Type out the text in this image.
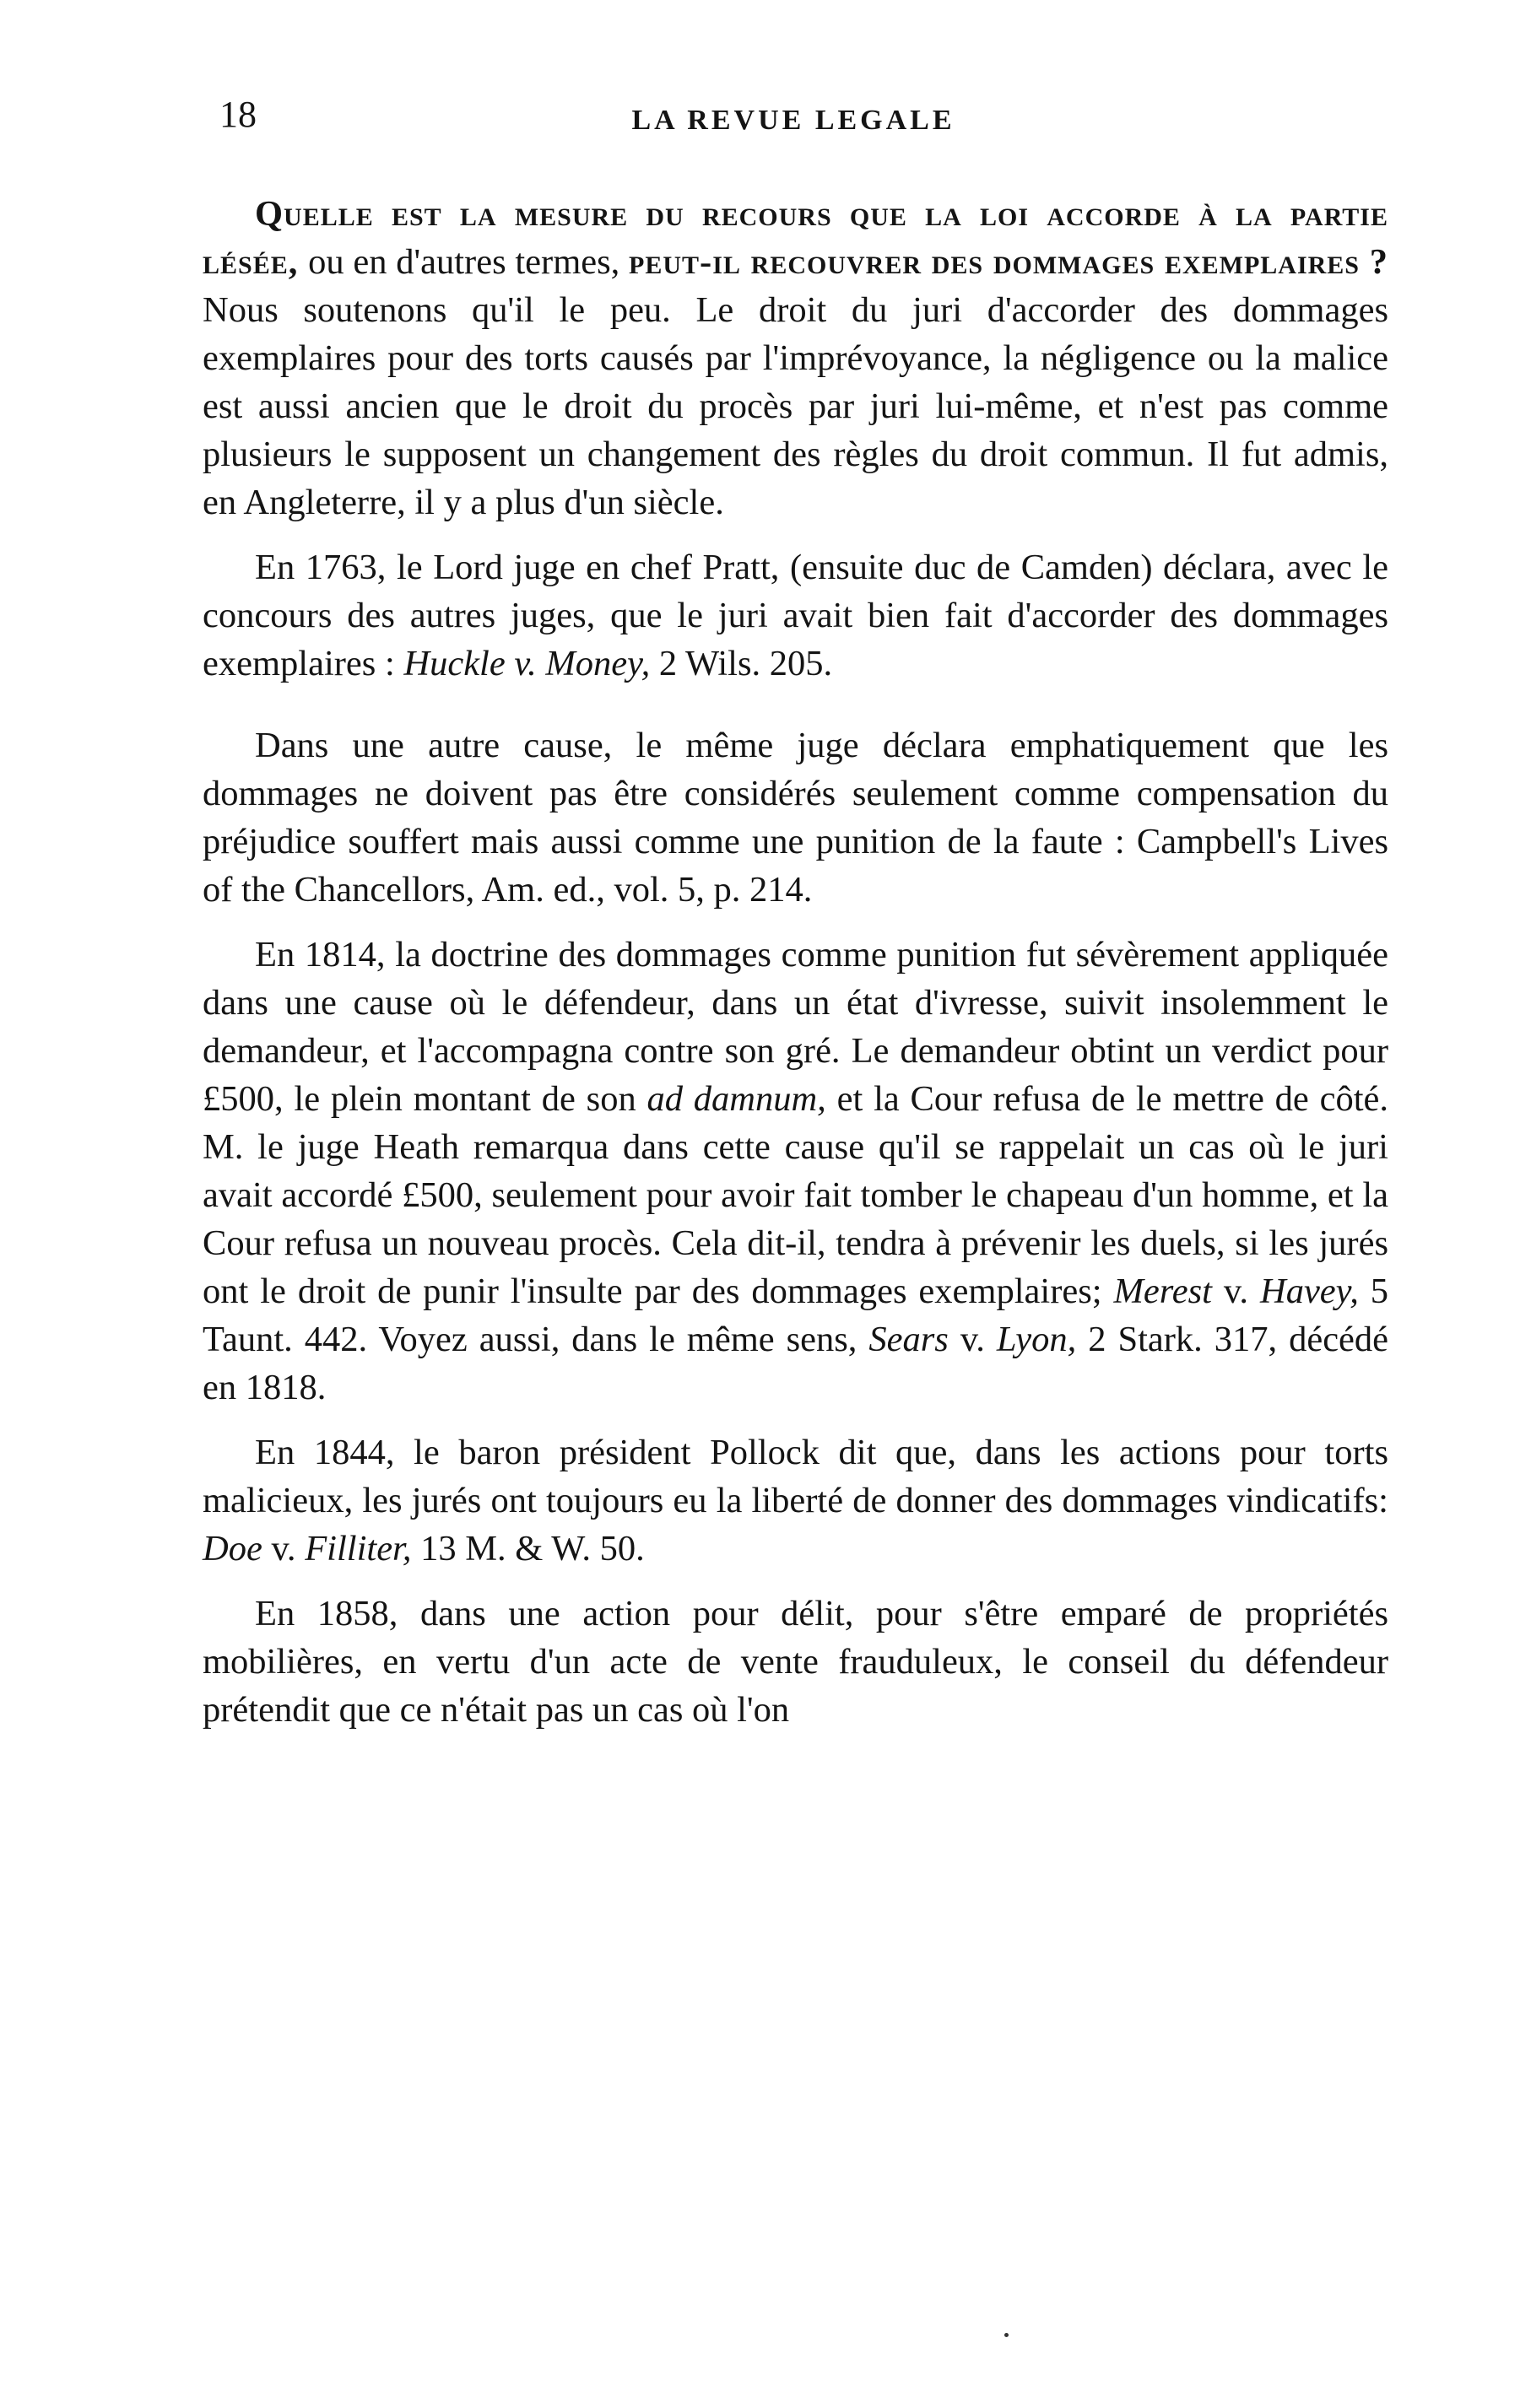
18	LA REVUE LEGALE

Quelle est la mesure du recours que la loi accorde à la partie lésée, ou en d'autres termes, peut-il recouvrer des dommages exemplaires ? Nous soutenons qu'il le peu. Le droit du juri d'accorder des dommages exemplaires pour des torts causés par l'imprévoyance, la négligence ou la malice est aussi ancien que le droit du procès par juri lui-même, et n'est pas comme plusieurs le supposent un changement des règles du droit commun. Il fut admis, en Angleterre, il y a plus d'un siècle.

En 1763, le Lord juge en chef Pratt, (ensuite duc de Camden) déclara, avec le concours des autres juges, que le juri avait bien fait d'accorder des dommages exemplaires : Huckle v. Money, 2 Wils. 205.

Dans une autre cause, le même juge déclara emphatiquement que les dommages ne doivent pas être considérés seulement comme compensation du préjudice souffert mais aussi comme une punition de la faute : Campbell's Lives of the Chancellors, Am. ed., vol. 5, p. 214.

En 1814, la doctrine des dommages comme punition fut sévèrement appliquée dans une cause où le défendeur, dans un état d'ivresse, suivit insolemment le demandeur, et l'accompagna contre son gré. Le demandeur obtint un verdict pour £500, le plein montant de son ad damnum, et la Cour refusa de le mettre de côté. M. le juge Heath remarqua dans cette cause qu'il se rappelait un cas où le juri avait accordé £500, seulement pour avoir fait tomber le chapeau d'un homme, et la Cour refusa un nouveau procès. Cela dit-il, tendra à prévenir les duels, si les jurés ont le droit de punir l'insulte par des dommages exemplaires; Merest v. Havey, 5 Taunt. 442. Voyez aussi, dans le même sens, Sears v. Lyon, 2 Stark. 317, décédé en 1818.

En 1844, le baron président Pollock dit que, dans les actions pour torts malicieux, les jurés ont toujours eu la liberté de donner des dommages vindicatifs: Doe v. Filliter, 13 M. & W. 50.

En 1858, dans une action pour délit, pour s'être emparé de propriétés mobilières, en vertu d'un acte de vente frauduleux, le conseil du défendeur prétendit que ce n'était pas un cas où l'on
